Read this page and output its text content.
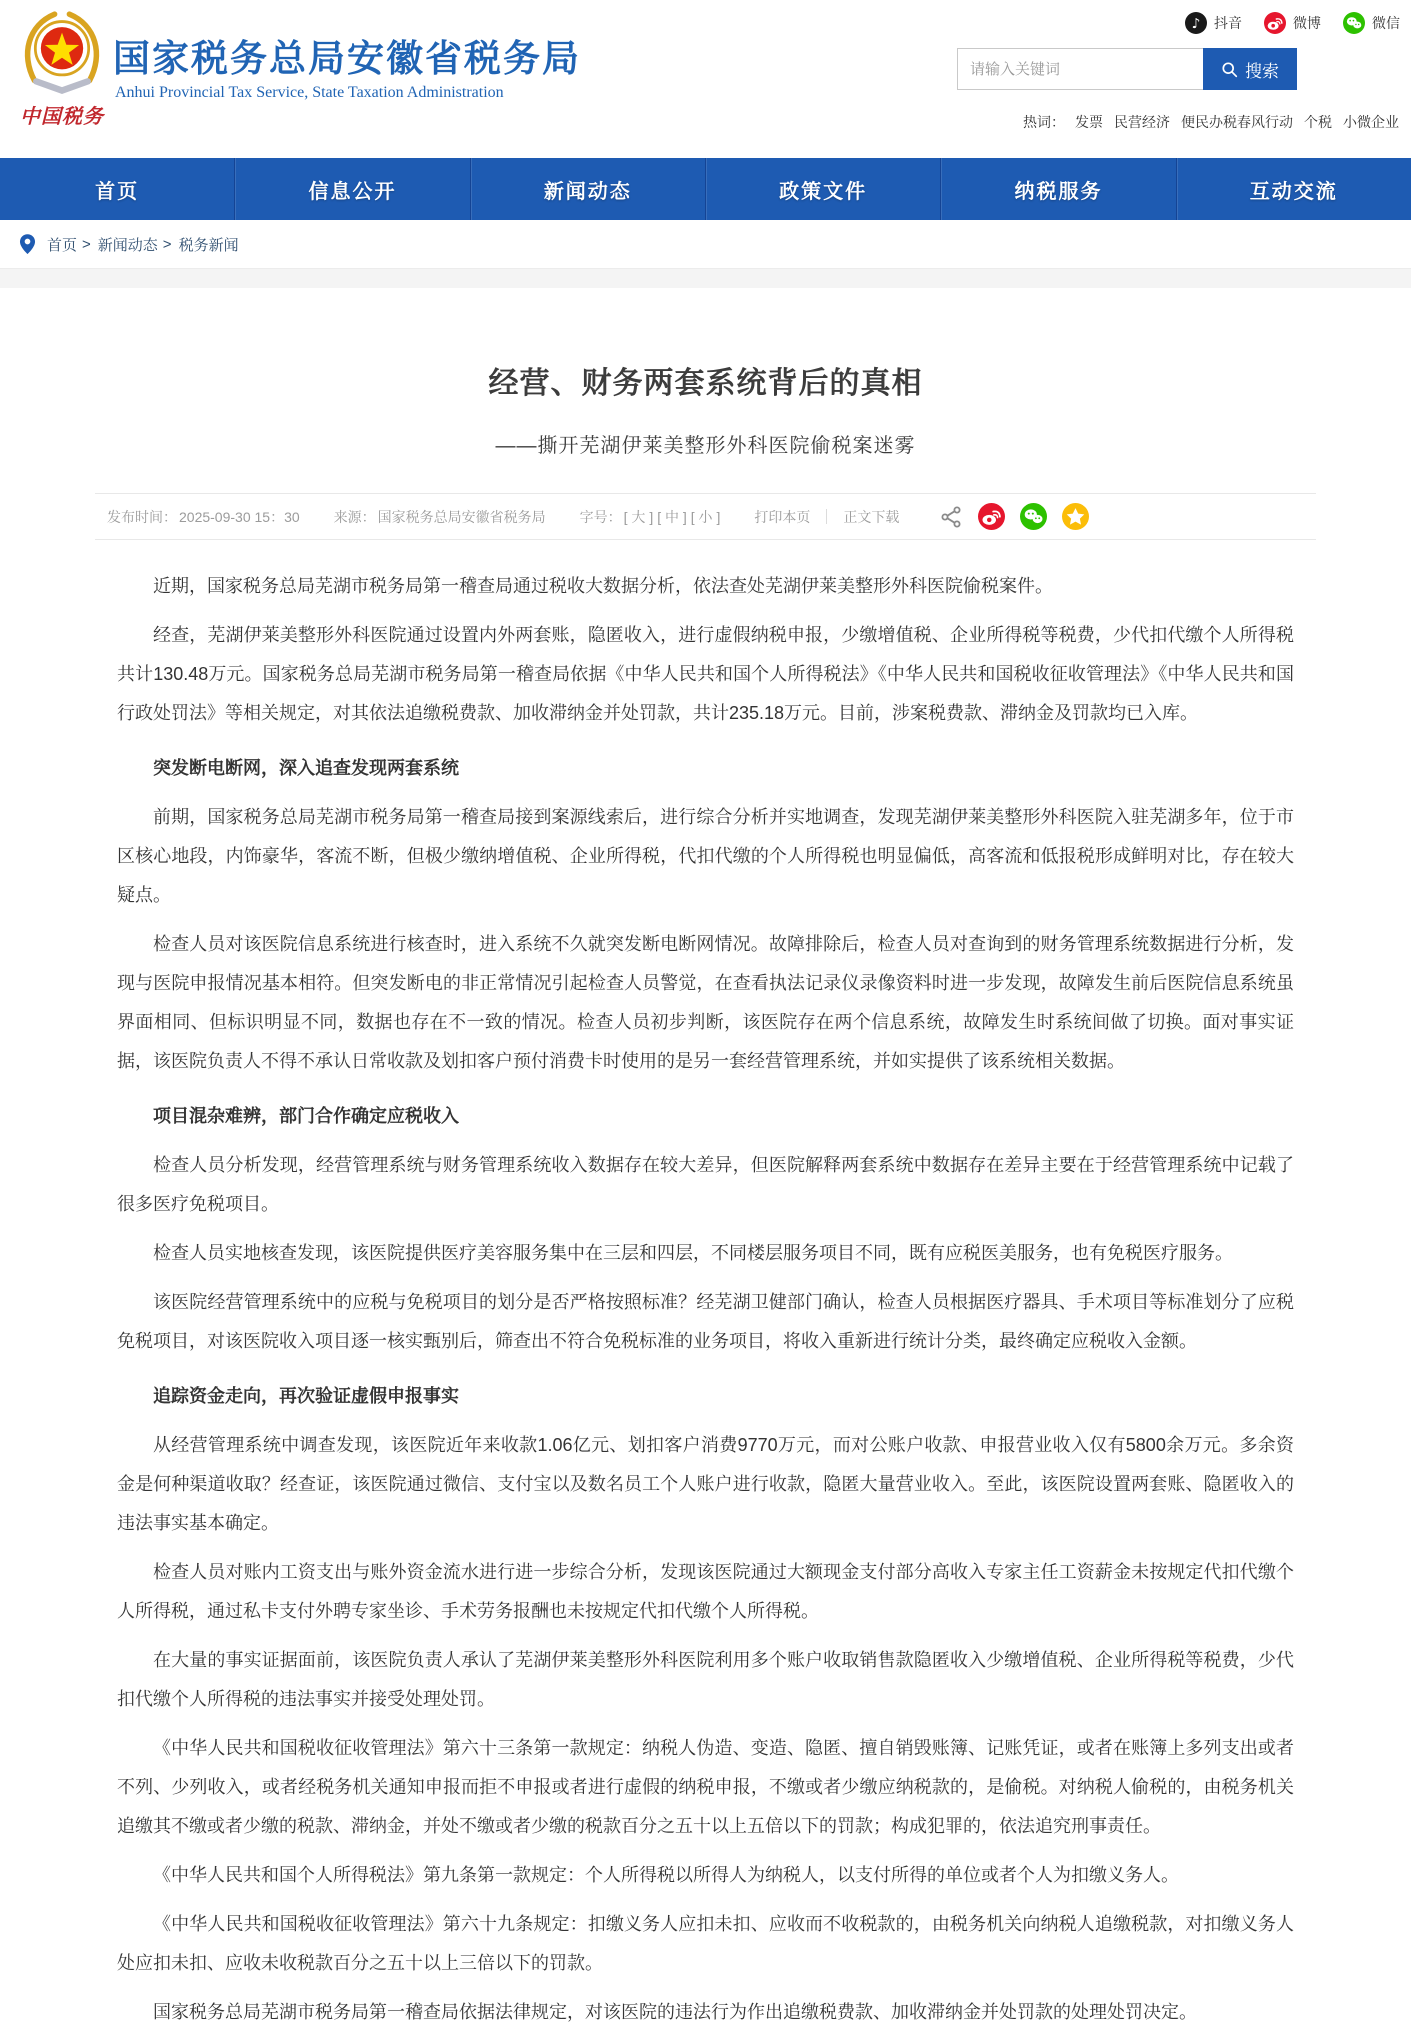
中国税务
国家税务总局安徽省税务局
Anhui Provincial Tax Service, State Taxation Administration
♪ 抖音	微博	微信
请输入关键词
搜索
热词： 发票 民营经济 便民办税春风行动 个税 小微企业
首页	信息公开	新闻动态	政策文件	纳税服务	互动交流
首页 > 新闻动态 > 税务新闻
经营、财务两套系统背后的真相
——撕开芜湖伊莱美整形外科医院偷税案迷雾
发布时间： 2025-09-30 15：30 来源： 国家税务总局安徽省税务局 字号： [ 大 ] [ 中 ] [ 小 ] 打印本页 正文下载
近期，国家税务总局芜湖市税务局第一稽查局通过税收大数据分析，依法查处芜湖伊莱美整形外科医院偷税案件。
经查，芜湖伊莱美整形外科医院通过设置内外两套账，隐匿收入，进行虚假纳税申报，少缴增值税、企业所得税等税费，少代扣代缴个人所得税共计130.48万元。国家税务总局芜湖市税务局第一稽查局依据《中华人民共和国个人所得税法》《中华人民共和国税收征收管理法》《中华人民共和国行政处罚法》等相关规定，对其依法追缴税费款、加收滞纳金并处罚款，共计235.18万元。目前，涉案税费款、滞纳金及罚款均已入库。
突发断电断网，深入追查发现两套系统
前期，国家税务总局芜湖市税务局第一稽查局接到案源线索后，进行综合分析并实地调查，发现芜湖伊莱美整形外科医院入驻芜湖多年，位于市区核心地段，内饰豪华，客流不断，但极少缴纳增值税、企业所得税，代扣代缴的个人所得税也明显偏低，高客流和低报税形成鲜明对比，存在较大疑点。
检查人员对该医院信息系统进行核查时，进入系统不久就突发断电断网情况。故障排除后，检查人员对查询到的财务管理系统数据进行分析，发现与医院申报情况基本相符。但突发断电的非正常情况引起检查人员警觉，在查看执法记录仪录像资料时进一步发现，故障发生前后医院信息系统虽界面相同、但标识明显不同，数据也存在不一致的情况。检查人员初步判断，该医院存在两个信息系统，故障发生时系统间做了切换。面对事实证据，该医院负责人不得不承认日常收款及划扣客户预付消费卡时使用的是另一套经营管理系统，并如实提供了该系统相关数据。
项目混杂难辨，部门合作确定应税收入
检查人员分析发现，经营管理系统与财务管理系统收入数据存在较大差异，但医院解释两套系统中数据存在差异主要在于经营管理系统中记载了很多医疗免税项目。
检查人员实地核查发现，该医院提供医疗美容服务集中在三层和四层，不同楼层服务项目不同，既有应税医美服务，也有免税医疗服务。
该医院经营管理系统中的应税与免税项目的划分是否严格按照标准？经芜湖卫健部门确认，检查人员根据医疗器具、手术项目等标准划分了应税免税项目，对该医院收入项目逐一核实甄别后，筛查出不符合免税标准的业务项目，将收入重新进行统计分类，最终确定应税收入金额。
追踪资金走向，再次验证虚假申报事实
从经营管理系统中调查发现，该医院近年来收款1.06亿元、划扣客户消费9770万元，而对公账户收款、申报营业收入仅有5800余万元。多余资金是何种渠道收取？经查证，该医院通过微信、支付宝以及数名员工个人账户进行收款，隐匿大量营业收入。至此，该医院设置两套账、隐匿收入的违法事实基本确定。
检查人员对账内工资支出与账外资金流水进行进一步综合分析，发现该医院通过大额现金支付部分高收入专家主任工资薪金未按规定代扣代缴个人所得税，通过私卡支付外聘专家坐诊、手术劳务报酬也未按规定代扣代缴个人所得税。
在大量的事实证据面前，该医院负责人承认了芜湖伊莱美整形外科医院利用多个账户收取销售款隐匿收入少缴增值税、企业所得税等税费，少代扣代缴个人所得税的违法事实并接受处理处罚。
《中华人民共和国税收征收管理法》第六十三条第一款规定：纳税人伪造、变造、隐匿、擅自销毁账簿、记账凭证，或者在账簿上多列支出或者不列、少列收入，或者经税务机关通知申报而拒不申报或者进行虚假的纳税申报，不缴或者少缴应纳税款的，是偷税。对纳税人偷税的，由税务机关追缴其不缴或者少缴的税款、滞纳金，并处不缴或者少缴的税款百分之五十以上五倍以下的罚款；构成犯罪的，依法追究刑事责任。
《中华人民共和国个人所得税法》第九条第一款规定：个人所得税以所得人为纳税人，以支付所得的单位或者个人为扣缴义务人。
《中华人民共和国税收征收管理法》第六十九条规定：扣缴义务人应扣未扣、应收而不收税款的，由税务机关向纳税人追缴税款，对扣缴义务人处应扣未扣、应收未收税款百分之五十以上三倍以下的罚款。
国家税务总局芜湖市税务局第一稽查局依据法律规定，对该医院的违法行为作出追缴税费款、加收滞纳金并处罚款的处理处罚决定。
